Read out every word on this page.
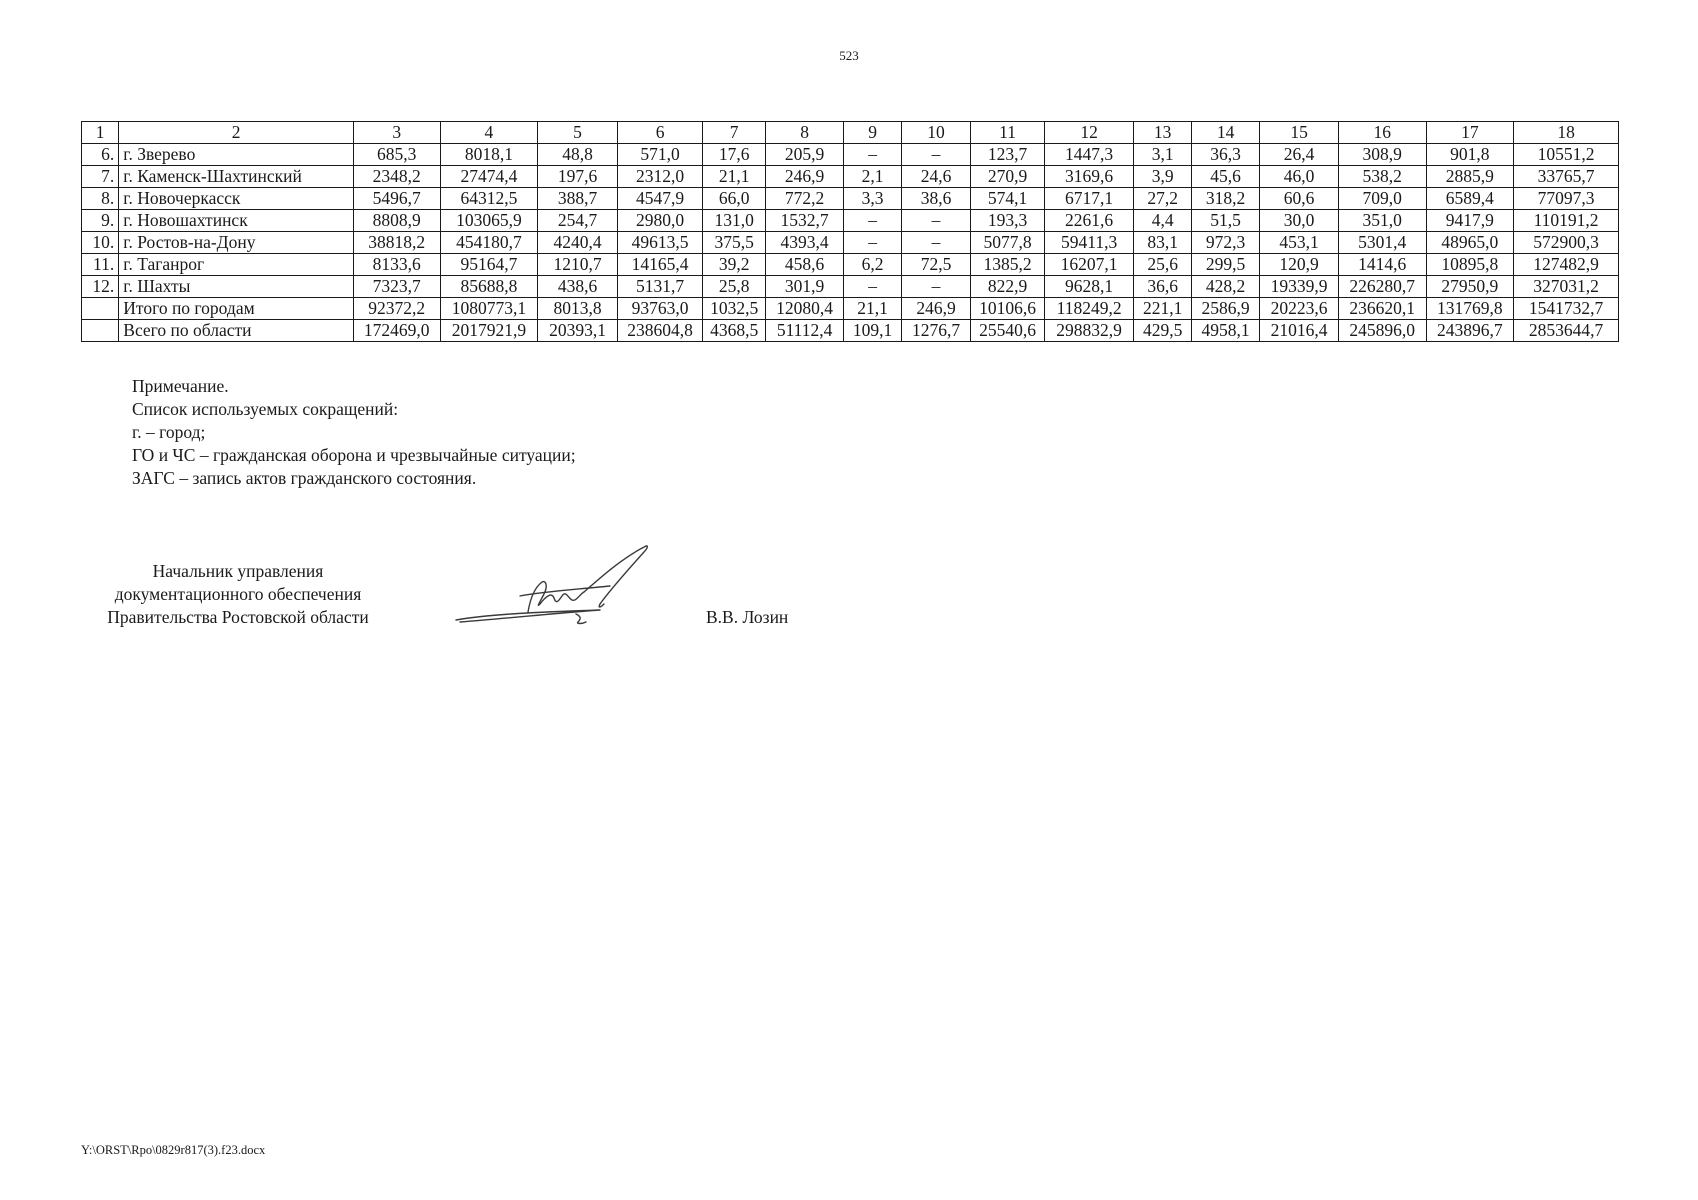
523
1	2	3	4	5	6	7	8	9	10	11	12	13	14	15	16	17	18
6.	г. Зверево	685,3	8018,1	48,8	571,0	17,6	205,9	–	–	123,7	1447,3	3,1	36,3	26,4	308,9	901,8	10551,2
7.	г. Каменск-Шахтинский	2348,2	27474,4	197,6	2312,0	21,1	246,9	2,1	24,6	270,9	3169,6	3,9	45,6	46,0	538,2	2885,9	33765,7
8.	г. Новочеркасск	5496,7	64312,5	388,7	4547,9	66,0	772,2	3,3	38,6	574,1	6717,1	27,2	318,2	60,6	709,0	6589,4	77097,3
9.	г. Новошахтинск	8808,9	103065,9	254,7	2980,0	131,0	1532,7	–	–	193,3	2261,6	4,4	51,5	30,0	351,0	9417,9	110191,2
10.	г. Ростов-на-Дону	38818,2	454180,7	4240,4	49613,5	375,5	4393,4	–	–	5077,8	59411,3	83,1	972,3	453,1	5301,4	48965,0	572900,3
11.	г. Таганрог	8133,6	95164,7	1210,7	14165,4	39,2	458,6	6,2	72,5	1385,2	16207,1	25,6	299,5	120,9	1414,6	10895,8	127482,9
12.	г. Шахты	7323,7	85688,8	438,6	5131,7	25,8	301,9	–	–	822,9	9628,1	36,6	428,2	19339,9	226280,7	27950,9	327031,2
	Итого по городам	92372,2	1080773,1	8013,8	93763,0	1032,5	12080,4	21,1	246,9	10106,6	118249,2	221,1	2586,9	20223,6	236620,1	131769,8	1541732,7
	Всего по области	172469,0	2017921,9	20393,1	238604,8	4368,5	51112,4	109,1	1276,7	25540,6	298832,9	429,5	4958,1	21016,4	245896,0	243896,7	2853644,7
Примечание.
Список используемых сокращений:
г. – город;
ГО и ЧС – гражданская оборона и чрезвычайные ситуации;
ЗАГС – запись актов гражданского состояния.
Начальник управления
документационного обеспечения
Правительства Ростовской области	В.В. Лозин
Y:\ORST\Rpo\0829r817(3).f23.docx
